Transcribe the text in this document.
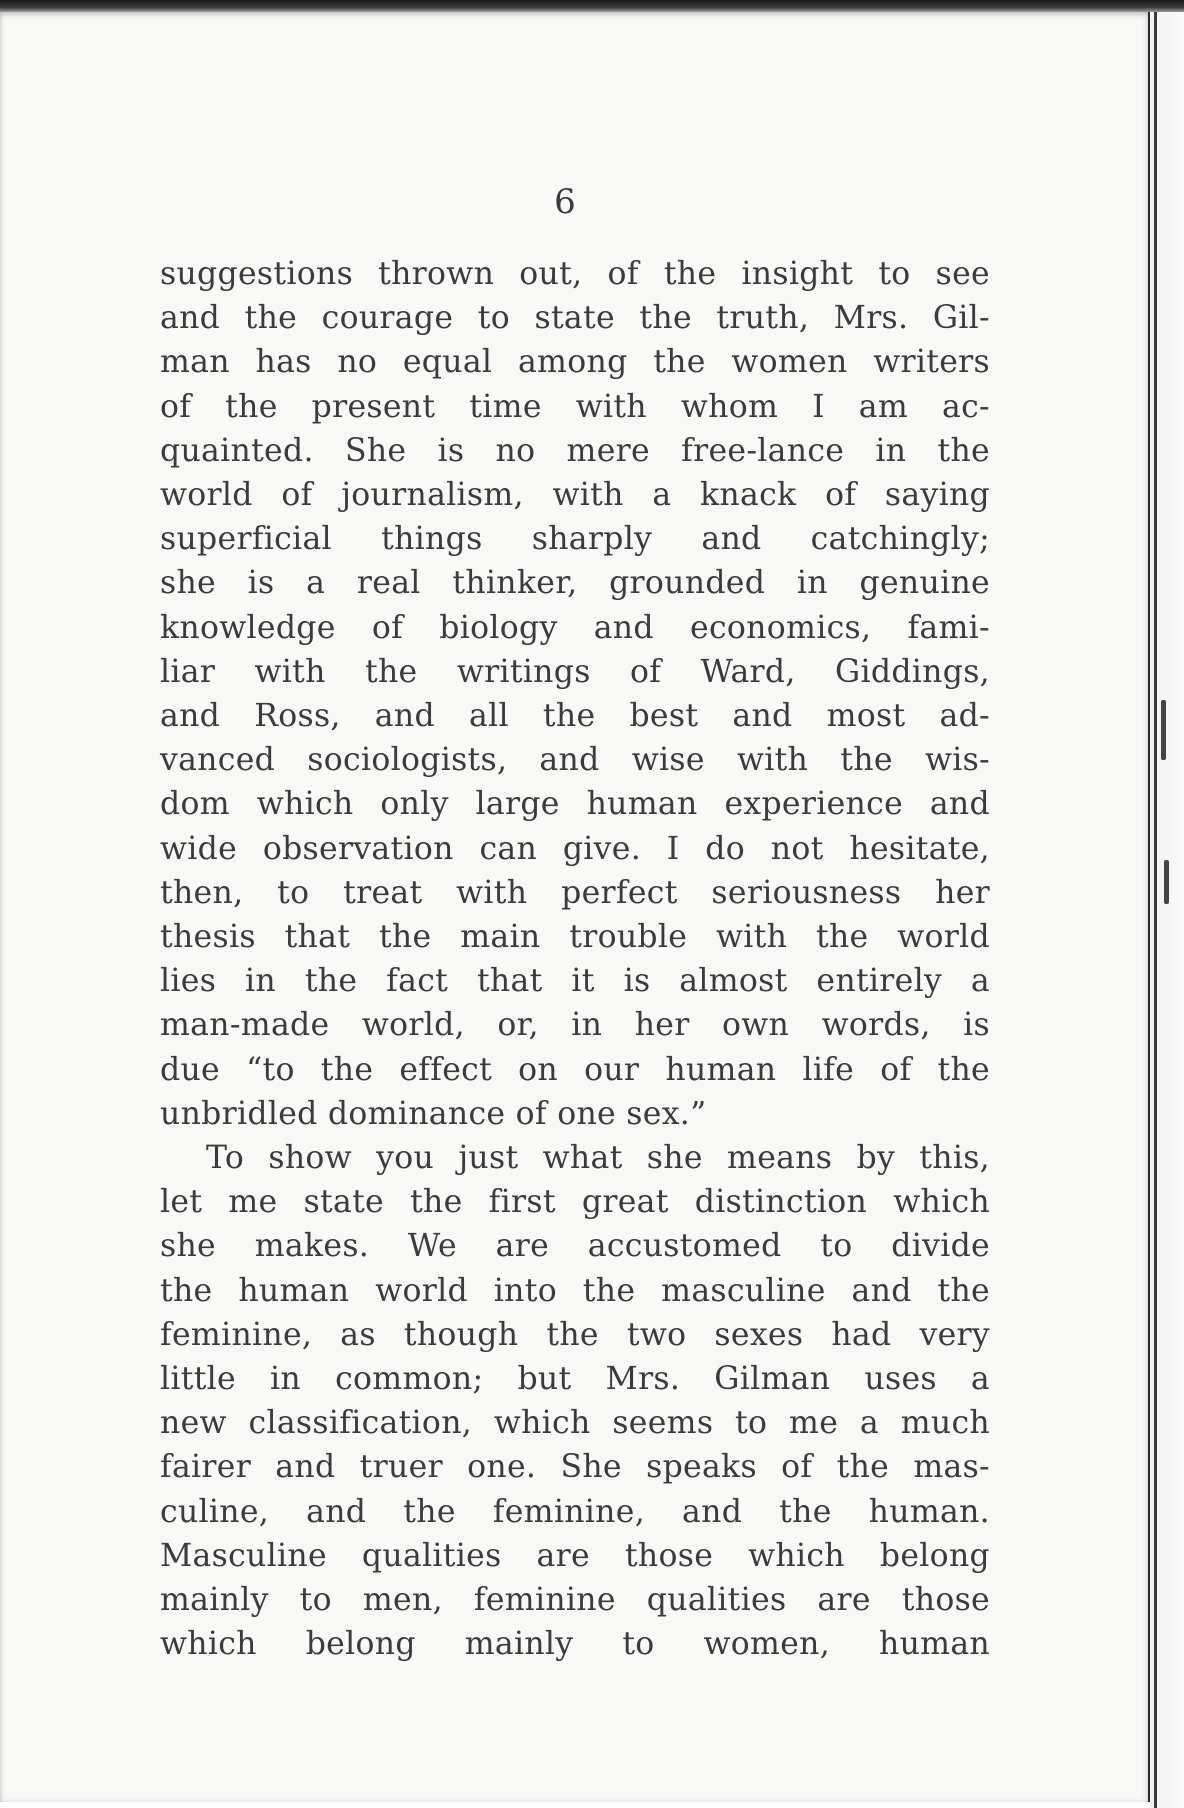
6

suggestions thrown out, of the insight to see

and the courage to state the truth, Mrs. Gil-

man has no equal among the women writers

of the present time with whom I am ac-

quainted. She is no mere free-lance in the

world of journalism, with a knack of saying

superficial things sharply and catchingly;

she is a real thinker, grounded in genuine

knowledge of biology and economics, fami-

liar with the writings of Ward, Giddings,

and Ross, and all the best and most ad-

vanced sociologists, and wise with the wis-

dom which only large human experience and

wide observation can give. I do not hesitate,

then, to treat with perfect seriousness her

thesis that the main trouble with the world

lies in the fact that it is almost entirely a

man-made world, or, in her own words, is

due “to the effect on our human life of the

unbridled dominance of one sex.”

To show you just what she means by this,

let me state the first great distinction which

she makes. We are accustomed to divide

the human world into the masculine and the

feminine, as though the two sexes had very

little in common; but Mrs. Gilman uses a

new classification, which seems to me a much

fairer and truer one. She speaks of the mas-

culine, and the feminine, and the human.

Masculine qualities are those which belong

mainly to men, feminine qualities are those

which belong mainly to women, human
